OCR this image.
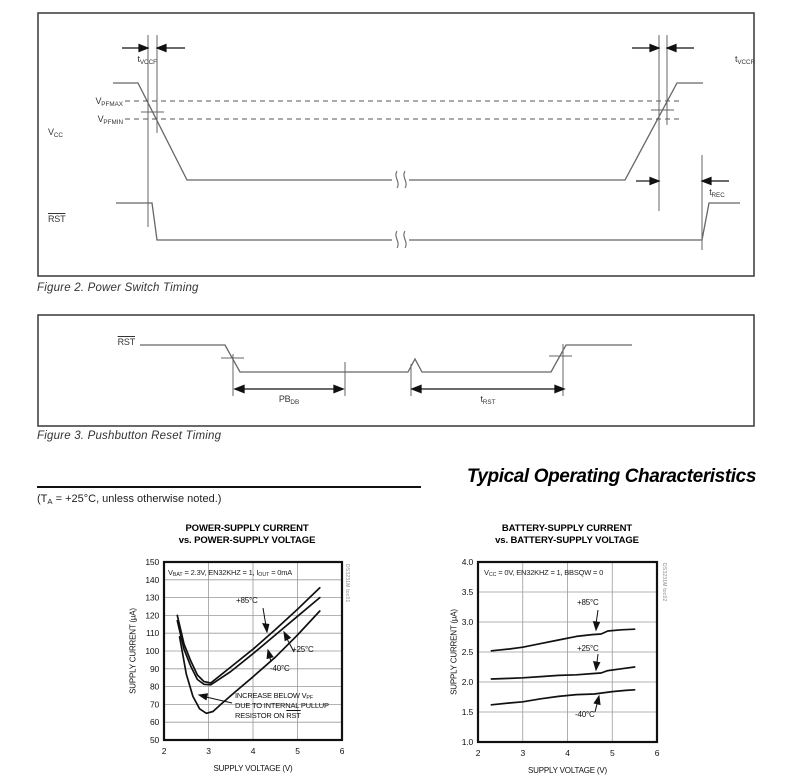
$t_{VCCF}$	$t_{VCCR}$
$t_{REC}$
$V_{PFMAX}$
$V_{PFMIN}$
$V_{CC}$
$\overline{RST}$
Figure 2. Power Switch Timing
$\overline{RST}$
$PB_{DB}$	$t_{RST}$
Figure 3. Pushbutton Reset Timing
Typical Operating Characteristics
($T_A = +25^\circ C$, unless otherwise noted.)
50
60
70
80
90
100
110
120
130
140
150
2	3	4	5	6
POWER-SUPPLY CURRENT
vs. POWER-SUPPLY VOLTAGE
$V_{BAT} = 2.3V$, EN32KHZ = 1, $I_{OUT} = 0mA$	DS3231M toc01
+85°C
+25°C
-40°C
INCREASE BELOW $V_{PF}$
DUE TO INTERNAL PULLUP
RESISTOR ON $\overline{RST}$
SUPPLY VOLTAGE (V)
SUPPLY CURRENT (µA)
1.0
1.5
2.0
2.5
3.0
3.5
4.0
2	3	4	5	6
BATTERY-SUPPLY CURRENT
vs. BATTERY-SUPPLY VOLTAGE
$V_{CC} = 0V$, EN32KHZ = 1, BBSQW = 0	DS3231M toc02
+85°C
+25°C
-40°C
SUPPLY VOLTAGE (V)
SUPPLY CURRENT (µA)
